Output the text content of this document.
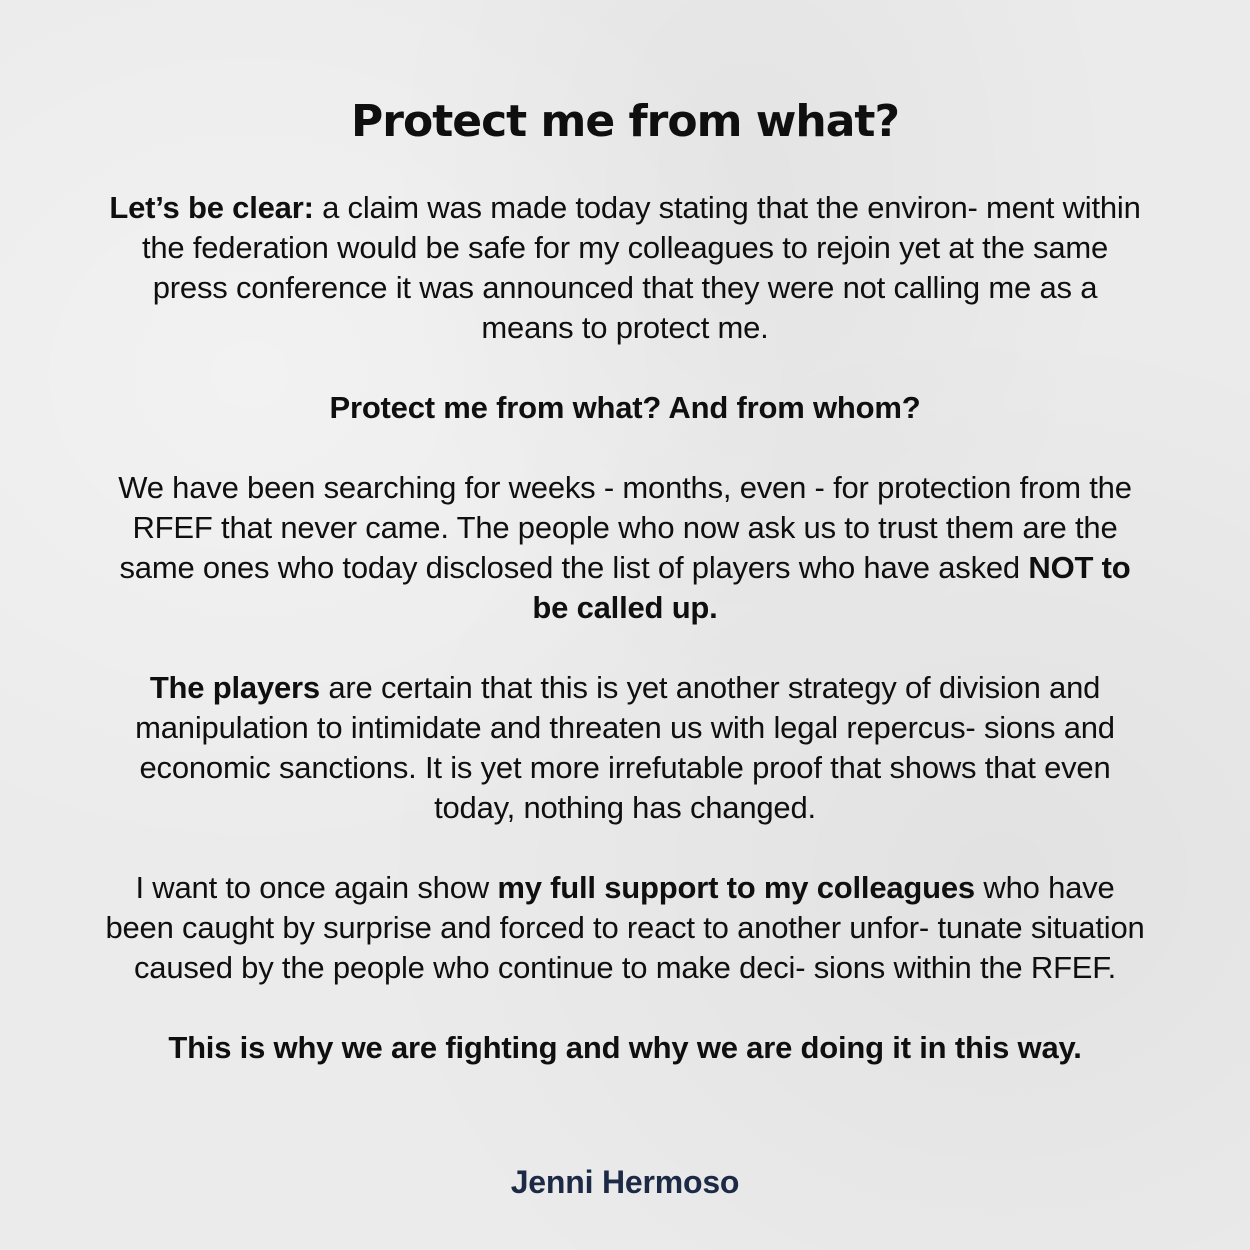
Protect me from what?

Let’s be clear: a claim was made today stating that the environ- ment within the federation would be safe for my colleagues to rejoin yet at the same press conference it was announced that they were not calling me as a means to protect me.

Protect me from what? And from whom?

We have been searching for weeks - months, even - for protection from the RFEF that never came. The people who now ask us to trust them are the same ones who today disclosed the list of players who have asked NOT to be called up.

The players are certain that this is yet another strategy of division and manipulation to intimidate and threaten us with legal repercus- sions and economic sanctions. It is yet more irrefutable proof that shows that even today, nothing has changed.

I want to once again show my full support to my colleagues who have been caught by surprise and forced to react to another unfor- tunate situation caused by the people who continue to make deci- sions within the RFEF.

This is why we are fighting and why we are doing it in this way.

Jenni Hermoso
